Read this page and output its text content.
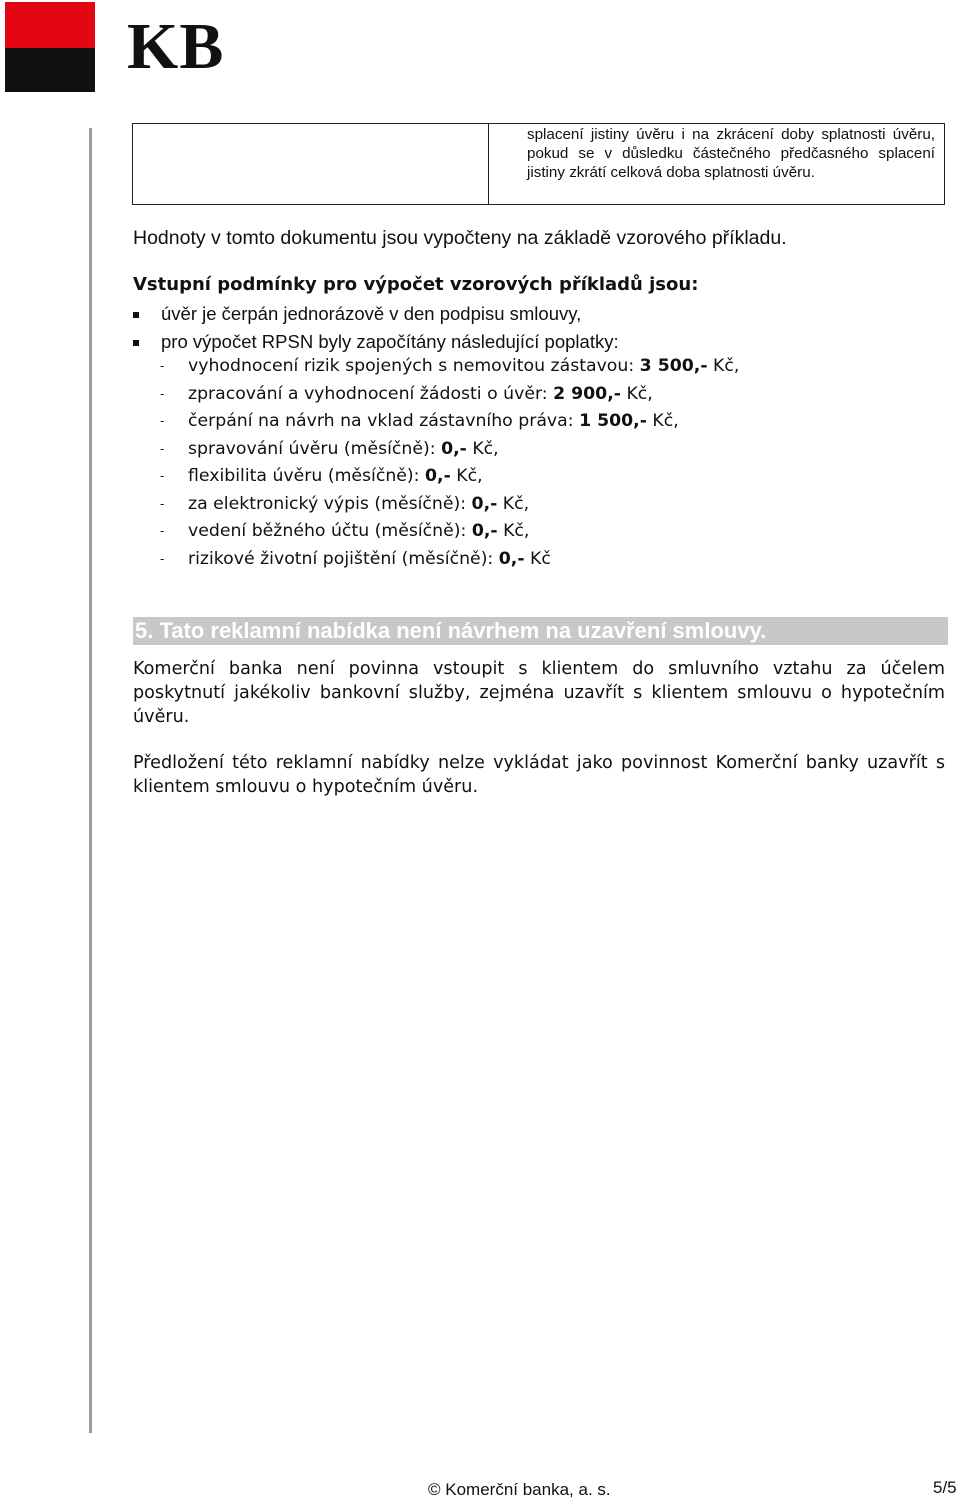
KB
splacení jistiny úvěru i na zkrácení doby splatnosti úvěru, pokud se v důsledku částečného předčasného splacení jistiny zkrátí celková doba splatnosti úvěru.

Hodnoty v tomto dokumentu jsou vypočteny na základě vzorového příkladu.

Vstupní podmínky pro výpočet vzorových příkladů jsou:

úvěr je čerpán jednorázově v den podpisu smlouvy,
pro výpočet RPSN byly započítány následující poplatky:
- vyhodnocení rizik spojených s nemovitou zástavou: 3 500,- Kč,
- zpracování a vyhodnocení žádosti o úvěr: 2 900,- Kč,
- čerpání na návrh na vklad zástavního práva: 1 500,- Kč,
- spravování úvěru (měsíčně): 0,- Kč,
- flexibilita úvěru (měsíčně): 0,- Kč,
- za elektronický výpis (měsíčně): 0,- Kč,
- vedení běžného účtu (měsíčně): 0,- Kč,
- rizikové životní pojištění (měsíčně): 0,- Kč
5. Tato reklamní nabídka není návrhem na uzavření smlouvy.

Komerční banka není povinna vstoupit s klientem do smluvního vztahu za účelem poskytnutí jakékoliv bankovní služby, zejména uzavřít s klientem smlouvu o hypotečním úvěru.

Předložení této reklamní nabídky nelze vykládat jako povinnost Komerční banky uzavřít s klientem smlouvu o hypotečním úvěru.

© Komerční banka, a. s.	5/5
